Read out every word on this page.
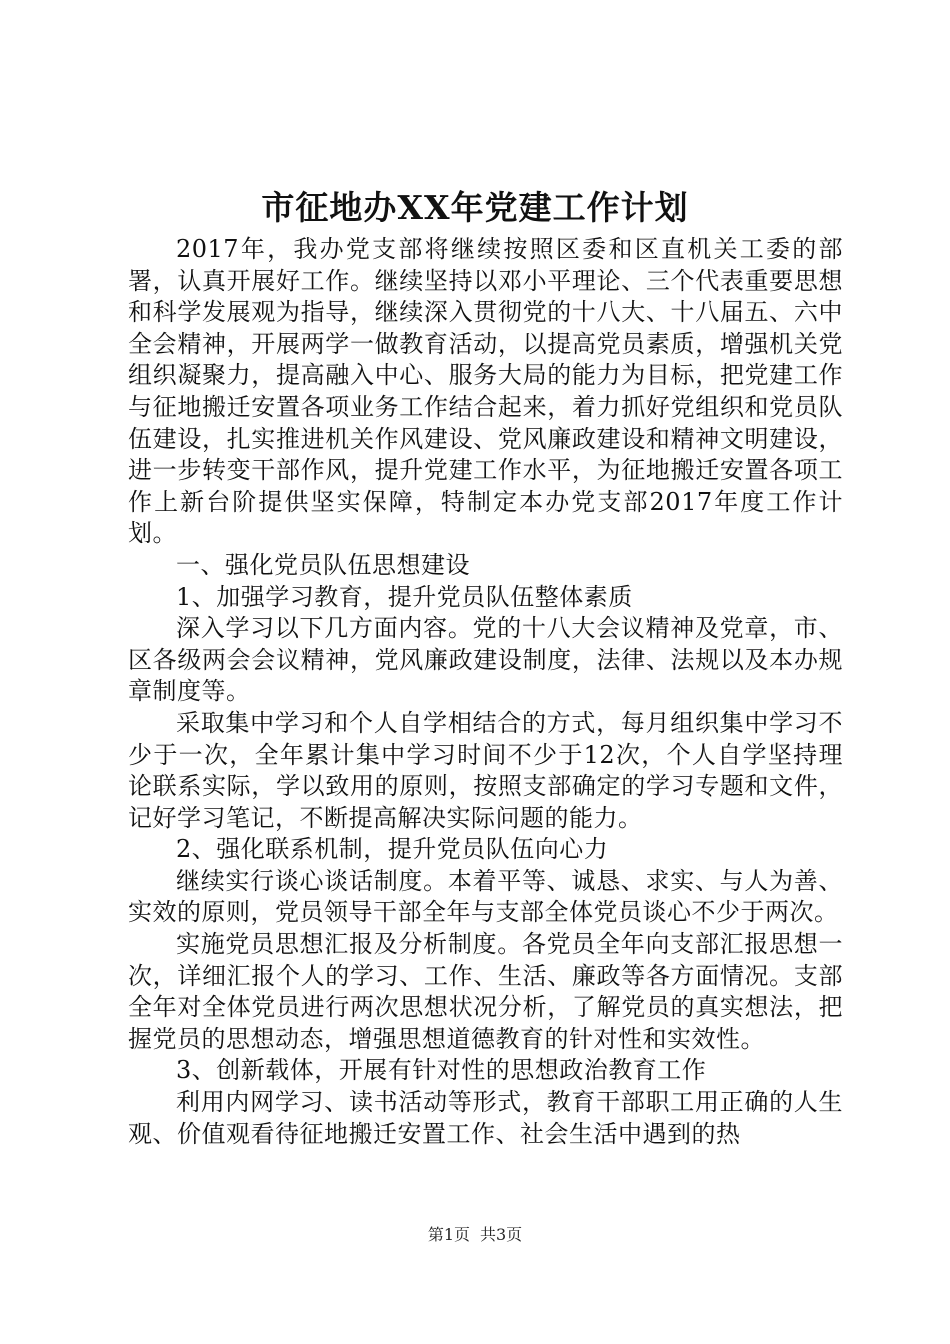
市征地办XX年党建工作计划

2017年，我办党支部将继续按照区委和区直机关工委的部署，认真开展好工作。继续坚持以邓小平理论、三个代表重要思想和科学发展观为指导，继续深入贯彻党的十八大、十八届五、六中全会精神，开展两学一做教育活动，以提高党员素质，增强机关党组织凝聚力，提高融入中心、服务大局的能力为目标，把党建工作与征地搬迁安置各项业务工作结合起来，着力抓好党组织和党员队伍建设，扎实推进机关作风建设、党风廉政建设和精神文明建设，进一步转变干部作风，提升党建工作水平，为征地搬迁安置各项工作上新台阶提供坚实保障，特制定本办党支部2017年度工作计划。

一、强化党员队伍思想建设

1、加强学习教育，提升党员队伍整体素质

深入学习以下几方面内容。党的十八大会议精神及党章，市、区各级两会会议精神，党风廉政建设制度，法律、法规以及本办规章制度等。

采取集中学习和个人自学相结合的方式，每月组织集中学习不少于一次，全年累计集中学习时间不少于12次，个人自学坚持理论联系实际，学以致用的原则，按照支部确定的学习专题和文件，记好学习笔记，不断提高解决实际问题的能力。

2、强化联系机制，提升党员队伍向心力

继续实行谈心谈话制度。本着平等、诚恳、求实、与人为善、实效的原则，党员领导干部全年与支部全体党员谈心不少于两次。

实施党员思想汇报及分析制度。各党员全年向支部汇报思想一次，详细汇报个人的学习、工作、生活、廉政等各方面情况。支部全年对全体党员进行两次思想状况分析，了解党员的真实想法，把握党员的思想动态，增强思想道德教育的针对性和实效性。

3、创新载体，开展有针对性的思想政治教育工作

利用内网学习、读书活动等形式，教育干部职工用正确的人生观、价值观看待征地搬迁安置工作、社会生活中遇到的热

第1页 共3页
